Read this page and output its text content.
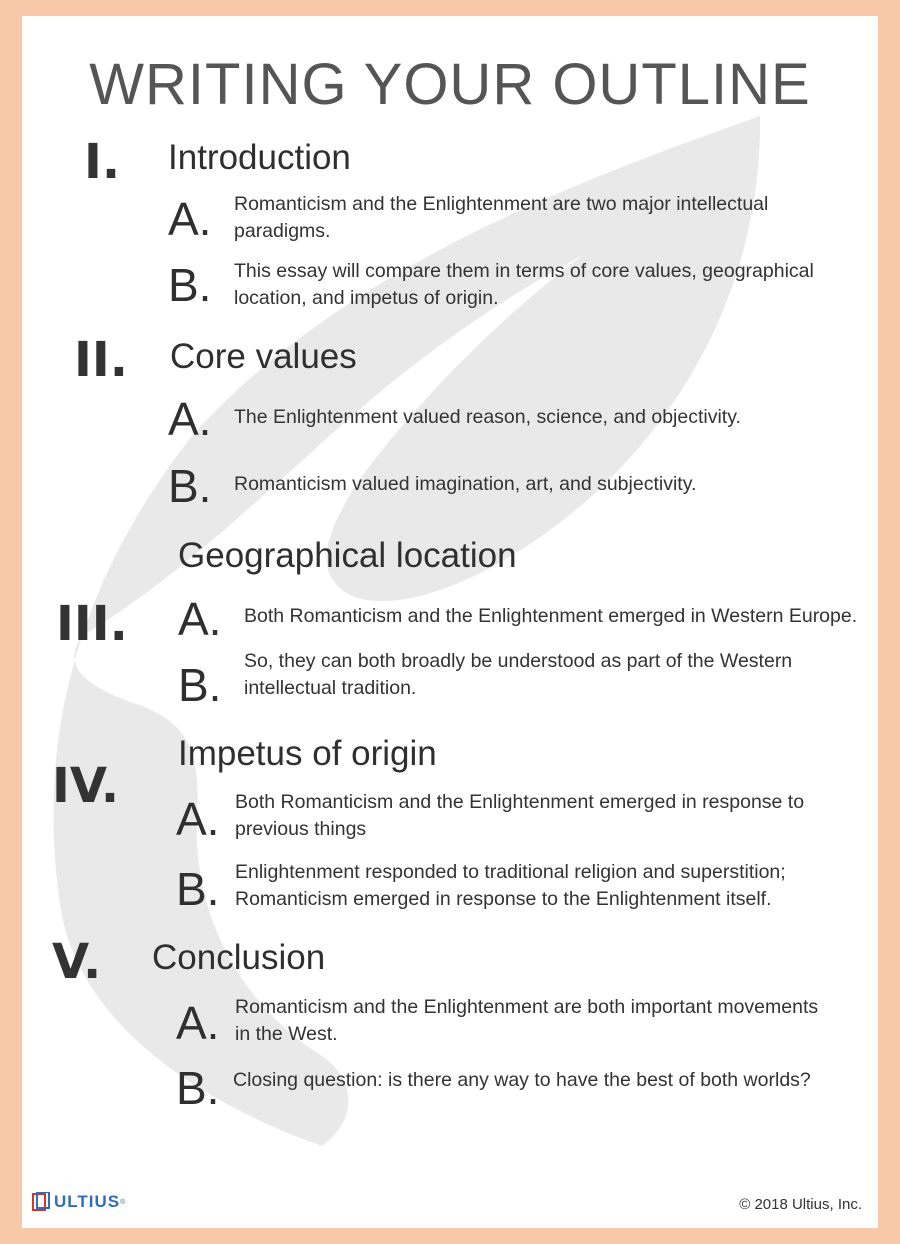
WRITING YOUR OUTLINE
I. Introduction
A. Romanticism and the Enlightenment are two major intellectual paradigms.
B. This essay will compare them in terms of core values, geographical location, and impetus of origin.
II. Core values
A. The Enlightenment valued reason, science, and objectivity.
B. Romanticism valued imagination, art, and subjectivity.
Geographical location
III. A. Both Romanticism and the Enlightenment emerged in Western Europe.
B. So, they can both broadly be understood as part of the Western intellectual tradition.
Impetus of origin
IV.
A. Both Romanticism and the Enlightenment emerged in response to previous things
B. Enlightenment responded to traditional religion and superstition; Romanticism emerged in response to the Enlightenment itself.
V. Conclusion
A. Romanticism and the Enlightenment are both important movements in the West.
B. Closing question: is there any way to have the best of both worlds?
ULTIUS ®	© 2018 Ultius, Inc.
